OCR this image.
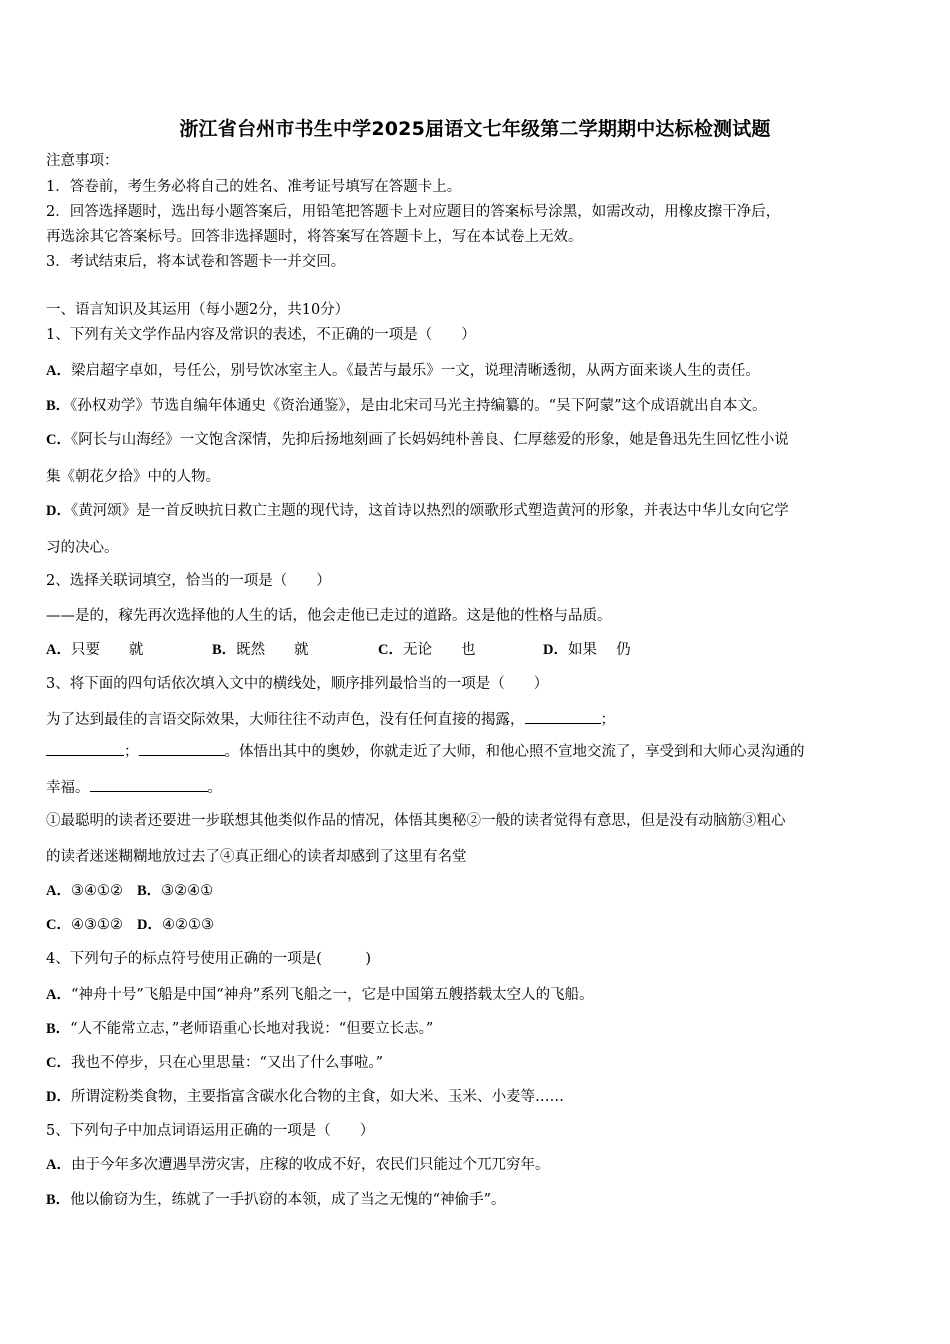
浙江省台州市书生中学2025届语文七年级第二学期期中达标检测试题
注意事项：
1．答卷前，考生务必将自己的姓名、准考证号填写在答题卡上。
2．回答选择题时，选出每小题答案后，用铅笔把答题卡上对应题目的答案标号涂黑，如需改动，用橡皮擦干净后，
再选涂其它答案标号。回答非选择题时，将答案写在答题卡上，写在本试卷上无效。
3．考试结束后，将本试卷和答题卡一并交回。
一、语言知识及其运用（每小题2分，共10分）
1、下列有关文学作品内容及常识的表述，不正确的一项是（　　）
A．梁启超字卓如，号任公，别号饮冰室主人。《最苦与最乐》一文，说理清晰透彻，从两方面来谈人生的责任。
B．《孙权劝学》节选自编年体通史《资治通鉴》，是由北宋司马光主持编纂的。“吴下阿蒙”这个成语就出自本文。
C．《阿长与山海经》一文饱含深情，先抑后扬地刻画了长妈妈纯朴善良、仁厚慈爱的形象，她是鲁迅先生回忆性小说
集《朝花夕拾》中的人物。
D．《黄河颂》是一首反映抗日救亡主题的现代诗，这首诗以热烈的颂歌形式塑造黄河的形象，并表达中华儿女向它学
习的决心。
2、选择关联词填空，恰当的一项是（　　）
——是的，稼先再次选择他的人生的话，他会走他已走过的道路。这是他的性格与品质。
A．只要　　就	B．既然　　就	C．无论　　也	D．如果　 仍
3、将下面的四句话依次填入文中的横线处，顺序排列最恰当的一项是（　　）
为了达到最佳的言语交际效果，大师往往不动声色，没有任何直接的揭露，	；
；	。体悟出其中的奥妙，你就走近了大师，和他心照不宣地交流了，享受到和大师心灵沟通的
幸福。	。
①最聪明的读者还要进一步联想其他类似作品的情况，体悟其奥秘②一般的读者觉得有意思，但是没有动脑筋③粗心
的读者迷迷糊糊地放过去了④真正细心的读者却感到了这里有名堂
A．③④①② B．③②④①
C．④③①② D．④②①③
4、下列句子的标点符号使用正确的一项是(　　　)
A．“神舟十号”飞船是中国“神舟”系列飞船之一，它是中国第五艘搭载太空人的飞船。
B．“人不能常立志，”老师语重心长地对我说：“但要立长志。”
C．我也不停步，只在心里思量：“又出了什么事啦。”
D．所谓淀粉类食物，主要指富含碳水化合物的主食，如大米、玉米、小麦等……
5、下列句子中加点词语运用正确的一项是（　　）
A．由于今年多次遭遇旱涝灾害，庄稼的收成不好，农民们只能过个兀兀穷年。
B．他以偷窃为生，练就了一手扒窃的本领，成了当之无愧的“神偷手”。
